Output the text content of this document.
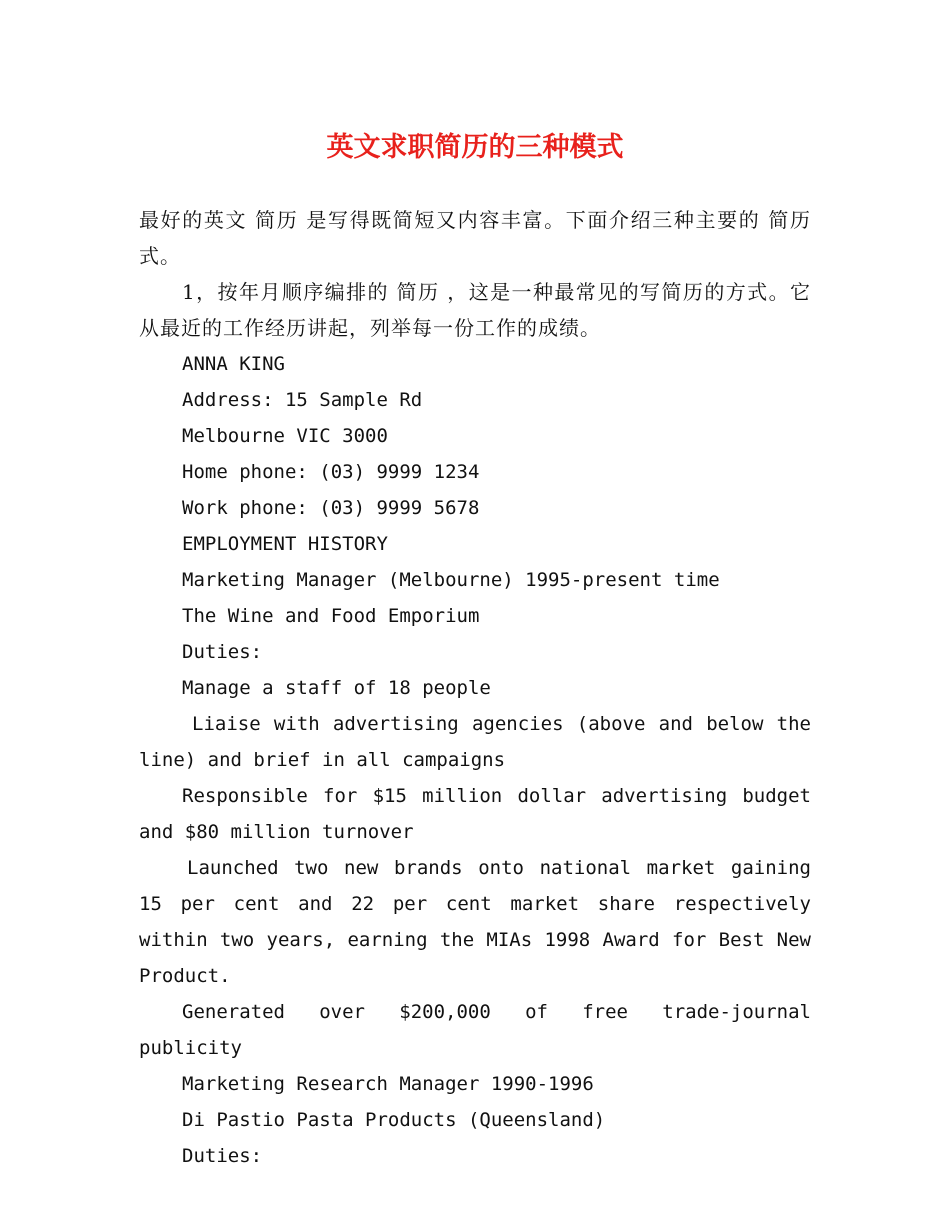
英文求职简历的三种模式

最好的英文 简历 是写得既简短又内容丰富。下面介绍三种主要的 简历 式。

1，按年月顺序编排的 简历 ，这是一种最常见的写简历的方式。它从最近的工作经历讲起，列举每一份工作的成绩。

ANNA KING

Address: 15 Sample Rd

Melbourne VIC 3000

Home phone: (03) 9999 1234

Work phone: (03) 9999 5678

EMPLOYMENT HISTORY

Marketing Manager (Melbourne) 1995-present time

The Wine and Food Emporium

Duties:

Manage a staff of 18 people

Liaise with advertising agencies (above and below the line) and brief in all campaigns

Responsible for $15 million dollar advertising budget and $80 million turnover

Launched two new brands onto national market gaining 15 per cent and 22 per cent market share respectively within two years, earning the MIAs 1998 Award for Best New Product.

Generated over $200,000 of free trade-journal publicity

Marketing Research Manager 1990-1996

Di Pastio Pasta Products (Queensland)

Duties:
